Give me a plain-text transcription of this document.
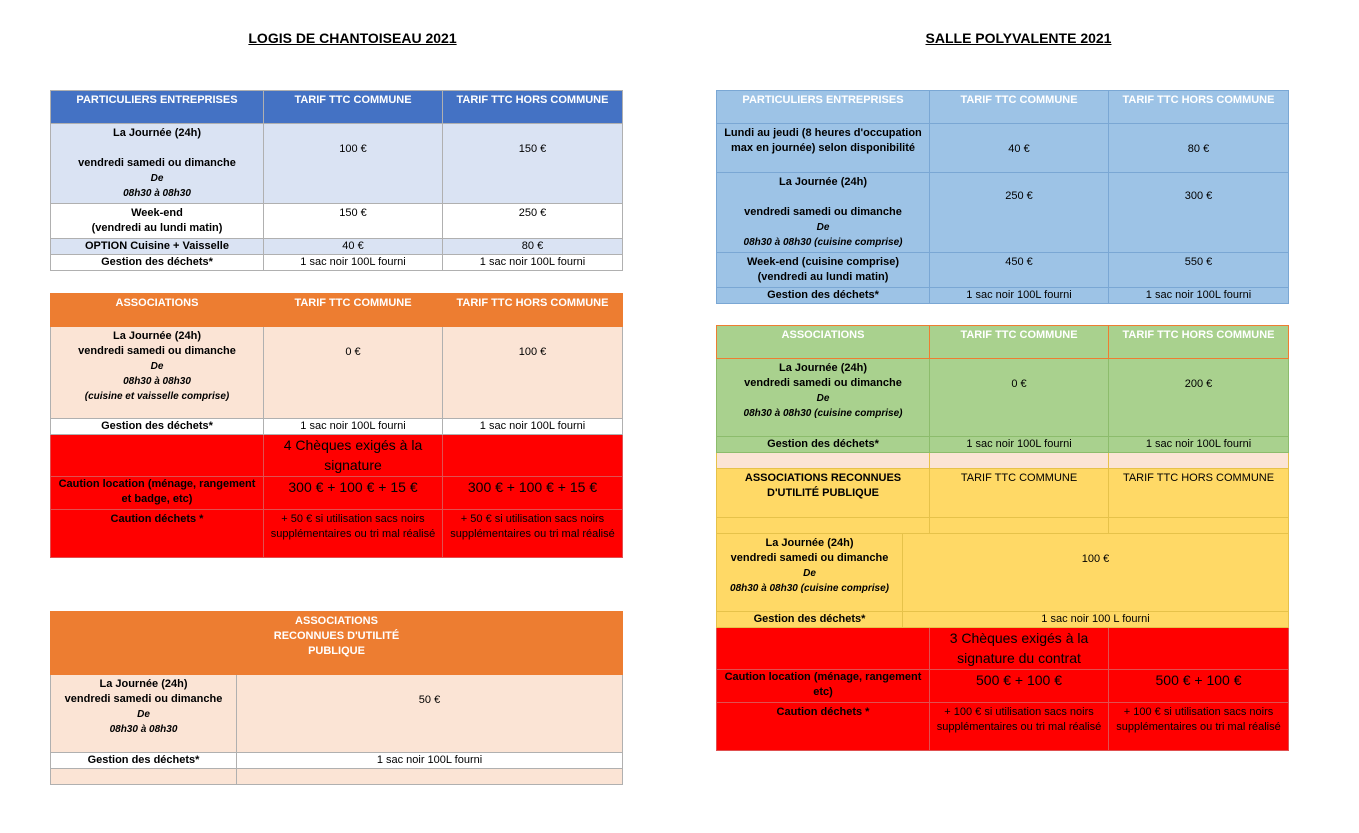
LOGIS DE CHANTOISEAU 2021	SALLE POLYVALENTE 2021
PARTICULIERS ENTREPRISES	TARIF TTC COMMUNE	TARIF TTC HORS COMMUNE

La Journée (24h)
vendredi samedi ou dimanche
De
08h30 à 08h30	100 €	150 €

Week-end
(vendredi au lundi matin)	150 €	250 €
OPTION Cuisine + Vaisselle	40 €	80 €
Gestion des déchets*	1 sac noir 100L fourni	1 sac noir 100L fourni
ASSOCIATIONS	TARIF TTC COMMUNE	TARIF TTC HORS COMMUNE

La Journée (24h)
vendredi samedi ou dimanche
De
08h30 à 08h30
(cuisine et vaisselle comprise)	0 €	100 €
Gestion des déchets*	1 sac noir 100L fourni	1 sac noir 100L fourni
	4 Chèques exigés à la signature	
Caution location (ménage, rangement et badge, etc)	300 € + 100 € + 15 €	300 € + 100 € + 15 €
Caution déchets *	+ 50 € si utilisation sacs noirs supplémentaires ou tri mal réalisé	+ 50 € si utilisation sacs noirs supplémentaires ou tri mal réalisé
ASSOCIATIONS
RECONNUES D'UTILITÉ
PUBLIQUE	

La Journée (24h)
vendredi samedi ou dimanche
De
08h30 à 08h30	50 €
Gestion des déchets*	1 sac noir 100L fourni

PARTICULIERS ENTREPRISES	TARIF TTC COMMUNE	TARIF TTC HORS COMMUNE
Lundi au jeudi (8 heures d'occupation max en journée) selon disponibilité	40 €	80 €

La Journée (24h)
vendredi samedi ou dimanche
De
08h30 à 08h30 (cuisine comprise)	250 €	300 €

Week-end (cuisine comprise)
(vendredi au lundi matin)	450 €	550 €
Gestion des déchets*	1 sac noir 100L fourni	1 sac noir 100L fourni
ASSOCIATIONS		TARIF TTC COMMUNE	TARIF TTC HORS COMMUNE

La Journée (24h)
vendredi samedi ou dimanche
De
08h30 à 08h30 (cuisine comprise)		0 €	200 €
Gestion des déchets*		1 sac noir 100L fourni	1 sac noir 100L fourni

ASSOCIATIONS RECONNUES
D'UTILITÉ PUBLIQUE		TARIF TTC COMMUNE	TARIF TTC HORS COMMUNE

La Journée (24h)
vendredi samedi ou dimanche
De
08h30 à 08h30 (cuisine comprise)	100 €		
Gestion des déchets*	1 sac noir 100 L fourni		
		3 Chèques exigés à la signature du contrat	
Caution location (ménage, rangement etc)		500 € + 100 €	500 € + 100 €
Caution déchets *		+ 100 € si utilisation sacs noirs supplémentaires ou tri mal réalisé	+ 100 € si utilisation sacs noirs supplémentaires ou tri mal réalisé
